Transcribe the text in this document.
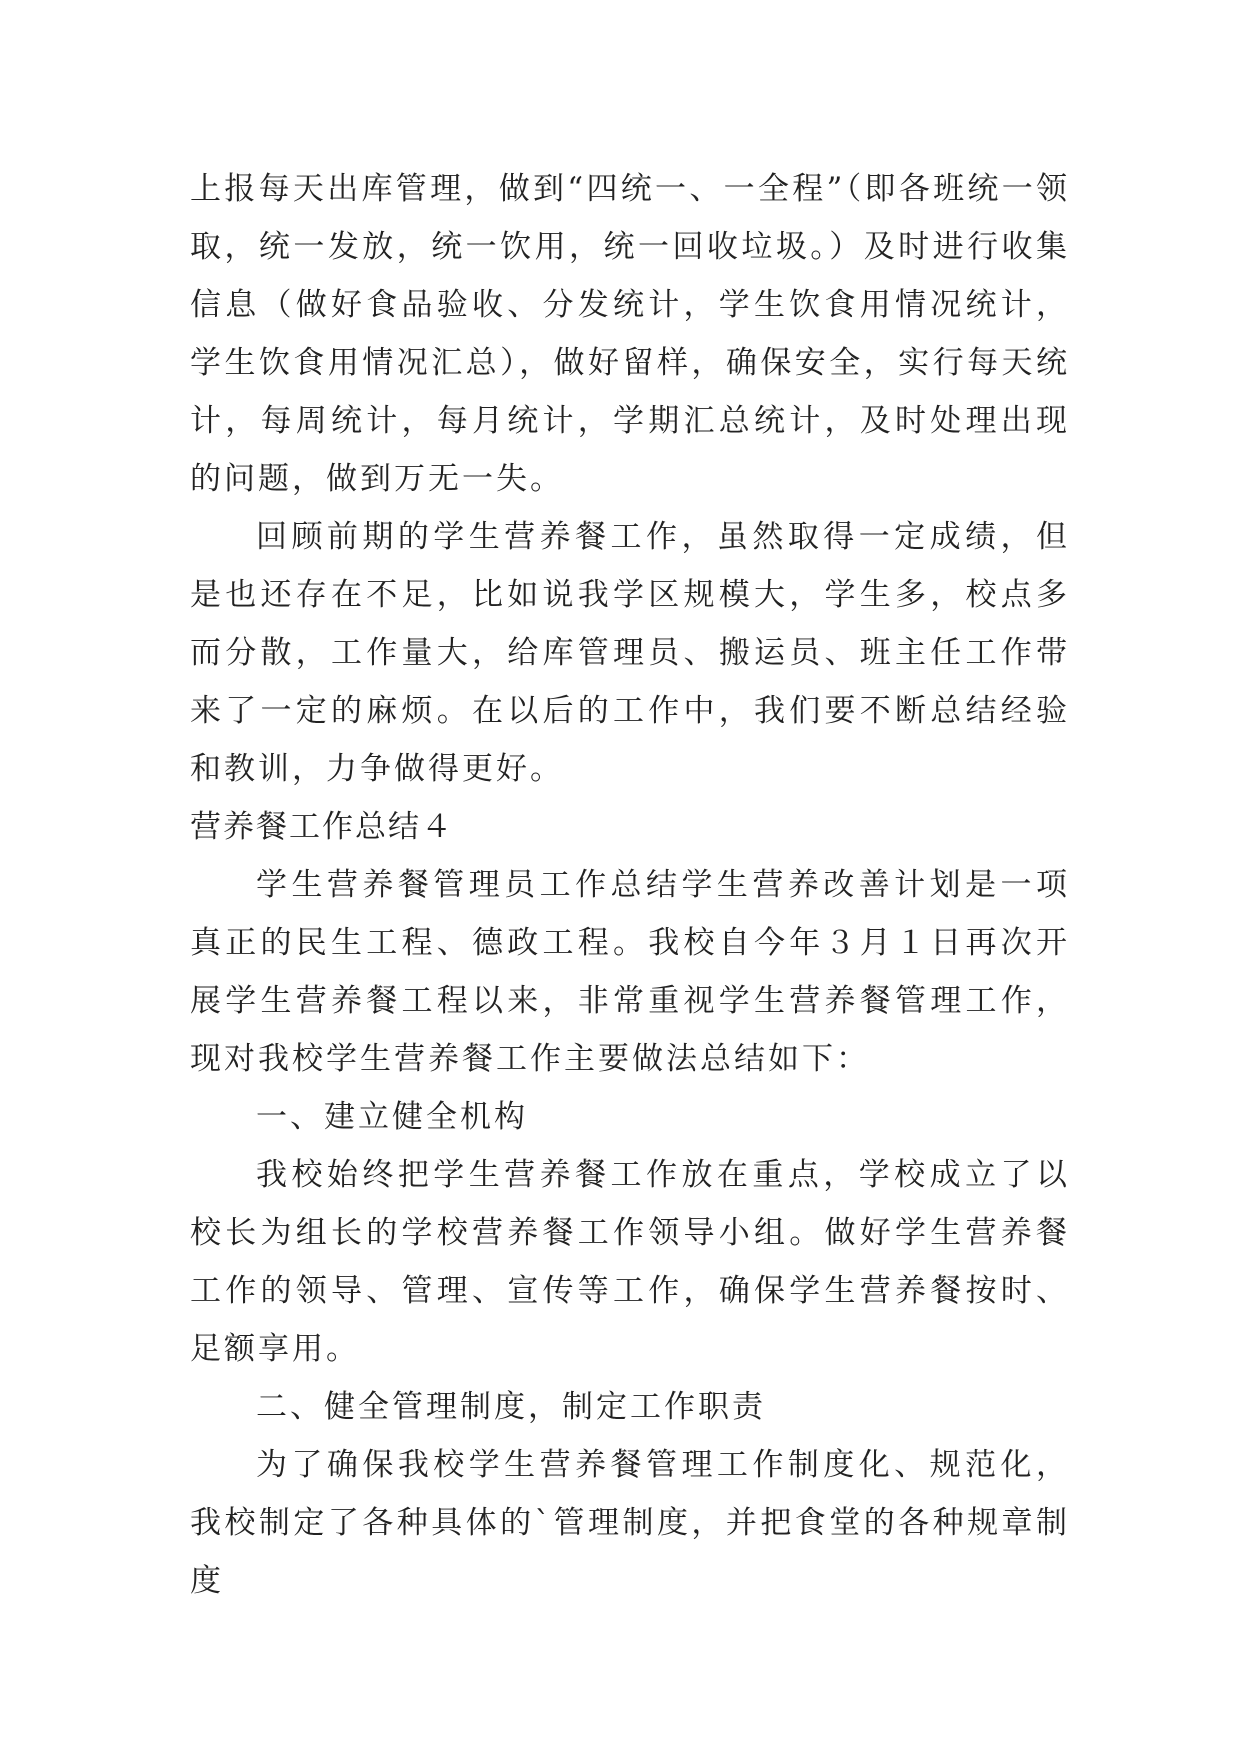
上报每天出库管理，做到“四统一、一全程”（即各班统一领取，统一发放，统一饮用，统一回收垃圾。）及时进行收集信息（做好食品验收、分发统计，学生饮食用情况统计，学生饮食用情况汇总），做好留样，确保安全，实行每天统计，每周统计，每月统计，学期汇总统计，及时处理出现的问题，做到万无一失。

回顾前期的学生营养餐工作，虽然取得一定成绩，但是也还存在不足，比如说我学区规模大，学生多，校点多而分散，工作量大，给库管理员、搬运员、班主任工作带来了一定的麻烦。在以后的工作中，我们要不断总结经验和教训，力争做得更好。

营养餐工作总结４

学生营养餐管理员工作总结学生营养改善计划是一项真正的民生工程、德政工程。我校自今年３月１日再次开展学生营养餐工程以来，非常重视学生营养餐管理工作，现对我校学生营养餐工作主要做法总结如下：

一、建立健全机构

我校始终把学生营养餐工作放在重点，学校成立了以校长为组长的学校营养餐工作领导小组。做好学生营养餐工作的领导、管理、宣传等工作，确保学生营养餐按时、足额享用。

二、健全管理制度，制定工作职责

为了确保我校学生营养餐管理工作制度化、规范化，我校制定了各种具体的`管理制度，并把食堂的各种规章制度
